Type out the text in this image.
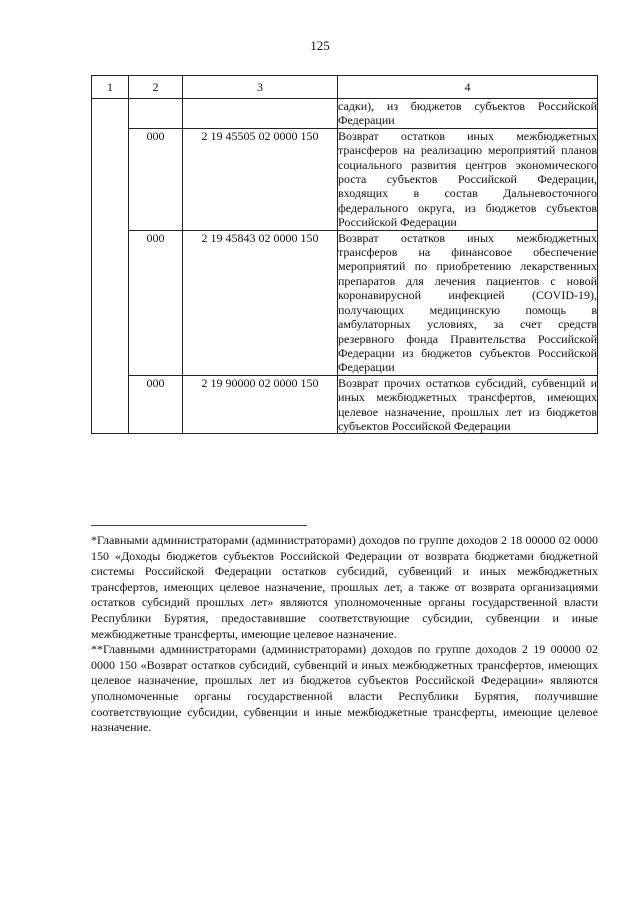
125
1	2	3	4
			садки), из бюджетов субъектов Российской Федерации
	000	2 19 45505 02 0000 150	Возврат остатков иных межбюджетных трансферов на реализацию мероприятий планов социального развития центров экономического роста субъектов Российской Федерации, входящих в состав Дальневосточного федерального округа, из бюджетов субъектов Российской Федерации
	000	2 19 45843 02 0000 150	Возврат остатков иных межбюджетных трансферов на финансовое обеспечение мероприятий по приобретению лекарственных препаратов для лечения пациентов с новой коронавирусной инфекцией (COVID-19), получающих медицинскую помощь в амбулаторных условиях, за счет средств резервного фонда Правительства Российской Федерации из бюджетов субъектов Российской Федерации
	000	2 19 90000 02 0000 150	Возврат прочих остатков субсидий, субвенций и иных межбюджетных трансфертов, имеющих целевое назначение, прошлых лет из бюджетов субъектов Российской Федерации

*Главными администраторами (администраторами) доходов по группе доходов 2 18 00000 02 0000 150 «Доходы бюджетов субъектов Российской Федерации от возврата бюджетами бюджетной системы Российской Федерации остатков субсидий, субвенций и иных межбюджетных трансфертов, имеющих целевое назначение, прошлых лет, а также от возврата организациями остатков субсидий прошлых лет» являются уполномоченные органы государственной власти Республики Бурятия, предоставившие соответствующие субсидии, субвенции и иные межбюджетные трансферты, имеющие целевое назначение.

**Главными администраторами (администраторами) доходов по группе доходов 2 19 00000 02 0000 150 «Возврат остатков субсидий, субвенций и иных межбюджетных трансфертов, имеющих целевое назначение, прошлых лет из бюджетов субъектов Российской Федерации» являются уполномоченные органы государственной власти Республики Бурятия, получившие соответствующие субсидии, субвенции и иные межбюджетные трансферты, имеющие целевое назначение.
